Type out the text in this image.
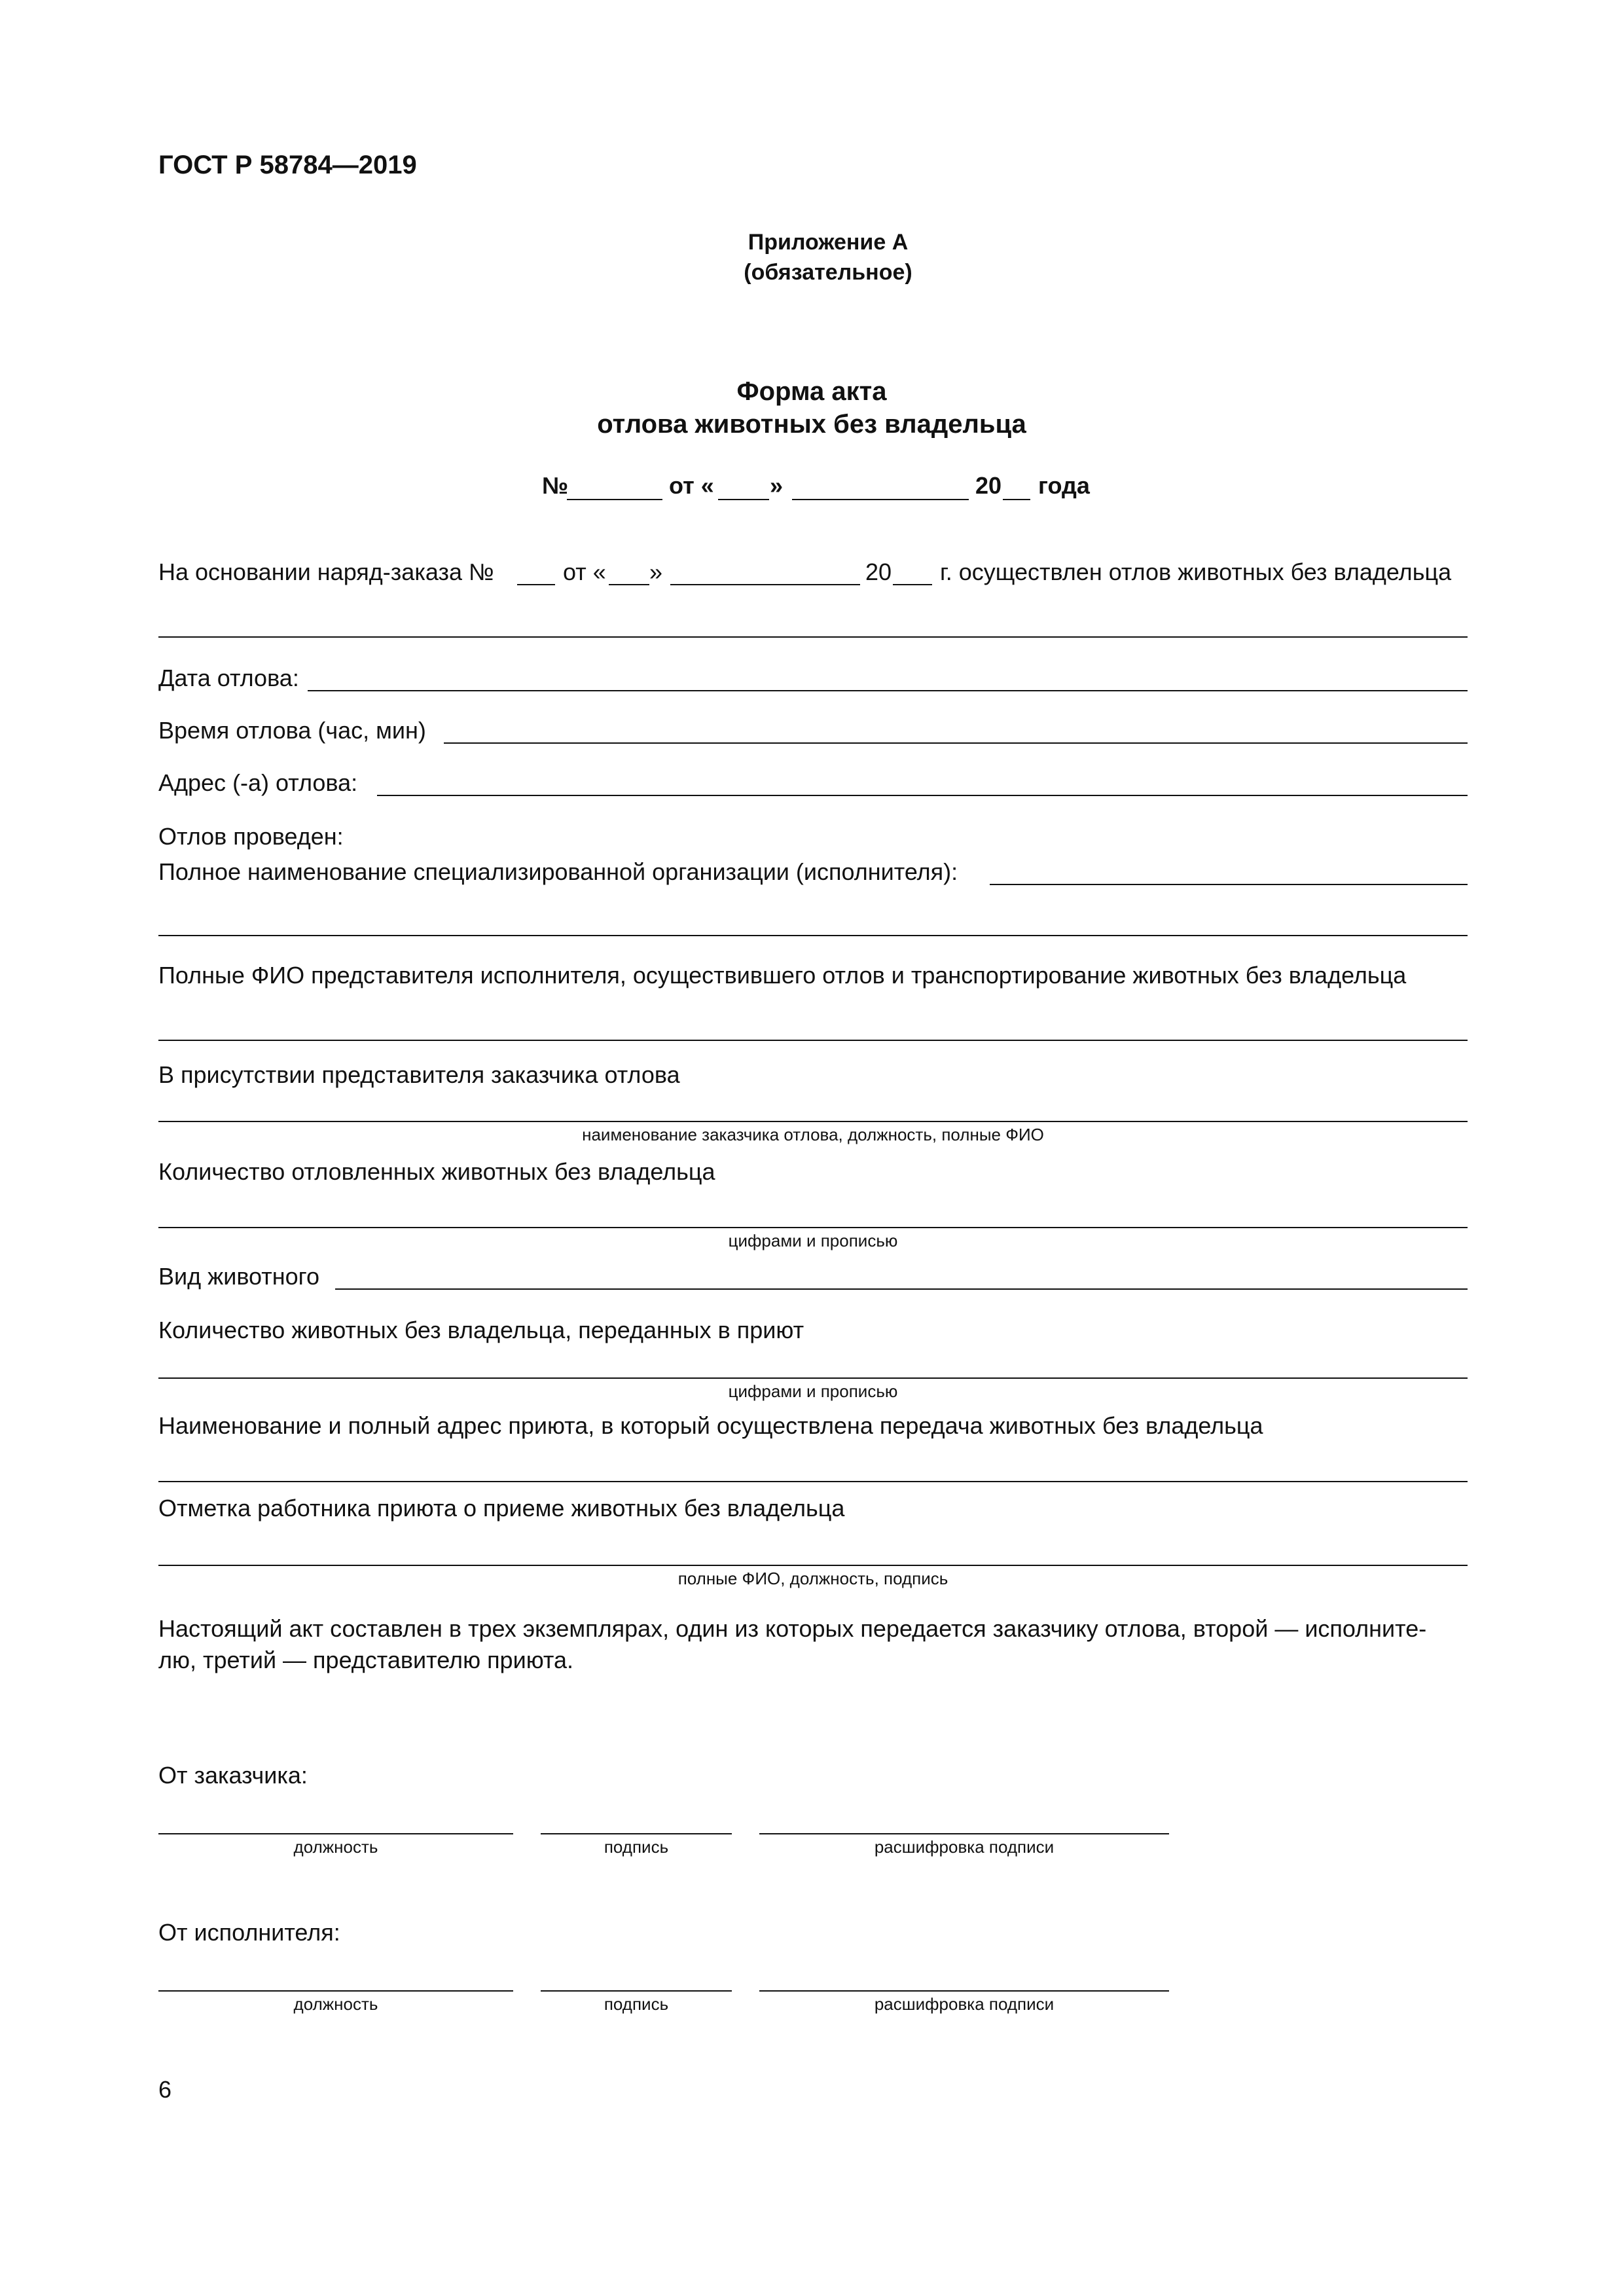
ГОСТ Р 58784—2019
Приложение А
(обязательное)
Форма акта
отлова животных без владельца
№	от « »	20 года
На основании наряд-заказа №	от « »	20 г. осуществлен отлов животных без владельца
Дата отлова:
Время отлова (час, мин)
Адрес (-а) отлова:
Отлов проведен:
Полное наименование специализированной организации (исполнителя):
Полные ФИО представителя исполнителя, осуществившего отлов и транспортирование животных без владельца
В присутствии представителя заказчика отлова
наименование заказчика отлова, должность, полные ФИО
Количество отловленных животных без владельца
цифрами и прописью
Вид животного
Количество животных без владельца, переданных в приют
цифрами и прописью
Наименование и полный адрес приюта, в который осуществлена передача животных без владельца
Отметка работника приюта о приеме животных без владельца
полные ФИО, должность, подпись
Настоящий акт составлен в трех экземплярах, один из которых передается заказчику отлова, второй — исполните-
лю, третий — представителю приюта.
От заказчика:
должность	подпись	расшифровка подписи
От исполнителя:
должность	подпись	расшифровка подписи
6
